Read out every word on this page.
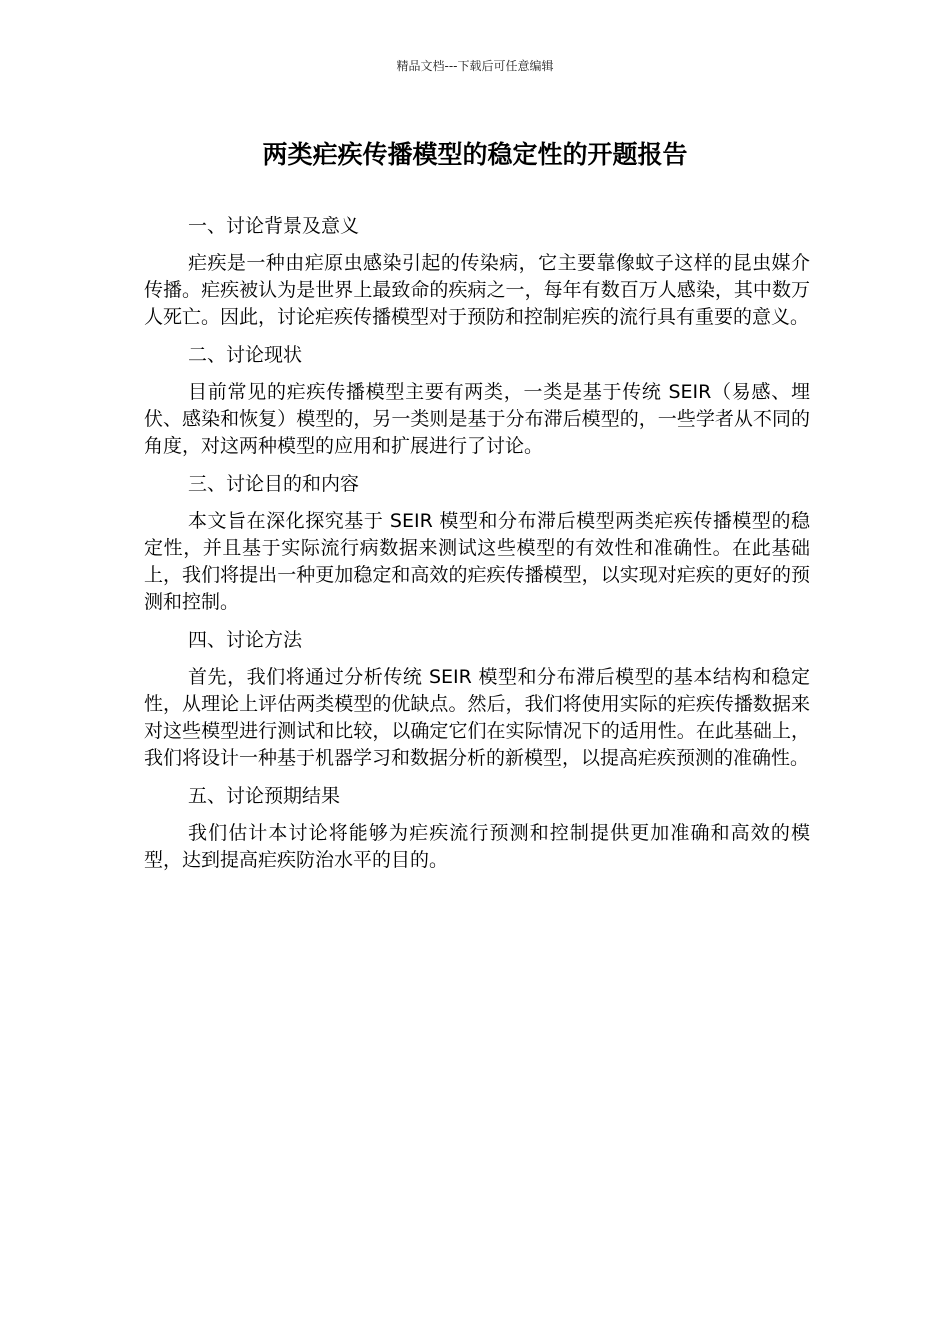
精品文档---下载后可任意编辑
两类疟疾传播模型的稳定性的开题报告
一、讨论背景及意义

疟疾是一种由疟原虫感染引起的传染病，它主要靠像蚊子这样的昆虫媒介传播。疟疾被认为是世界上最致命的疾病之一，每年有数百万人感染，其中数万人死亡。因此，讨论疟疾传播模型对于预防和控制疟疾的流行具有重要的意义。

二、讨论现状

目前常见的疟疾传播模型主要有两类，一类是基于传统 SEIR（易感、埋伏、感染和恢复）模型的，另一类则是基于分布滞后模型的，一些学者从不同的角度，对这两种模型的应用和扩展进行了讨论。

三、讨论目的和内容

本文旨在深化探究基于 SEIR 模型和分布滞后模型两类疟疾传播模型的稳定性，并且基于实际流行病数据来测试这些模型的有效性和准确性。在此基础上，我们将提出一种更加稳定和高效的疟疾传播模型，以实现对疟疾的更好的预测和控制。

四、讨论方法

首先，我们将通过分析传统 SEIR 模型和分布滞后模型的基本结构和稳定性，从理论上评估两类模型的优缺点。然后，我们将使用实际的疟疾传播数据来对这些模型进行测试和比较，以确定它们在实际情况下的适用性。在此基础上，我们将设计一种基于机器学习和数据分析的新模型，以提高疟疾预测的准确性。

五、讨论预期结果

我们估计本讨论将能够为疟疾流行预测和控制提供更加准确和高效的模型，达到提高疟疾防治水平的目的。
